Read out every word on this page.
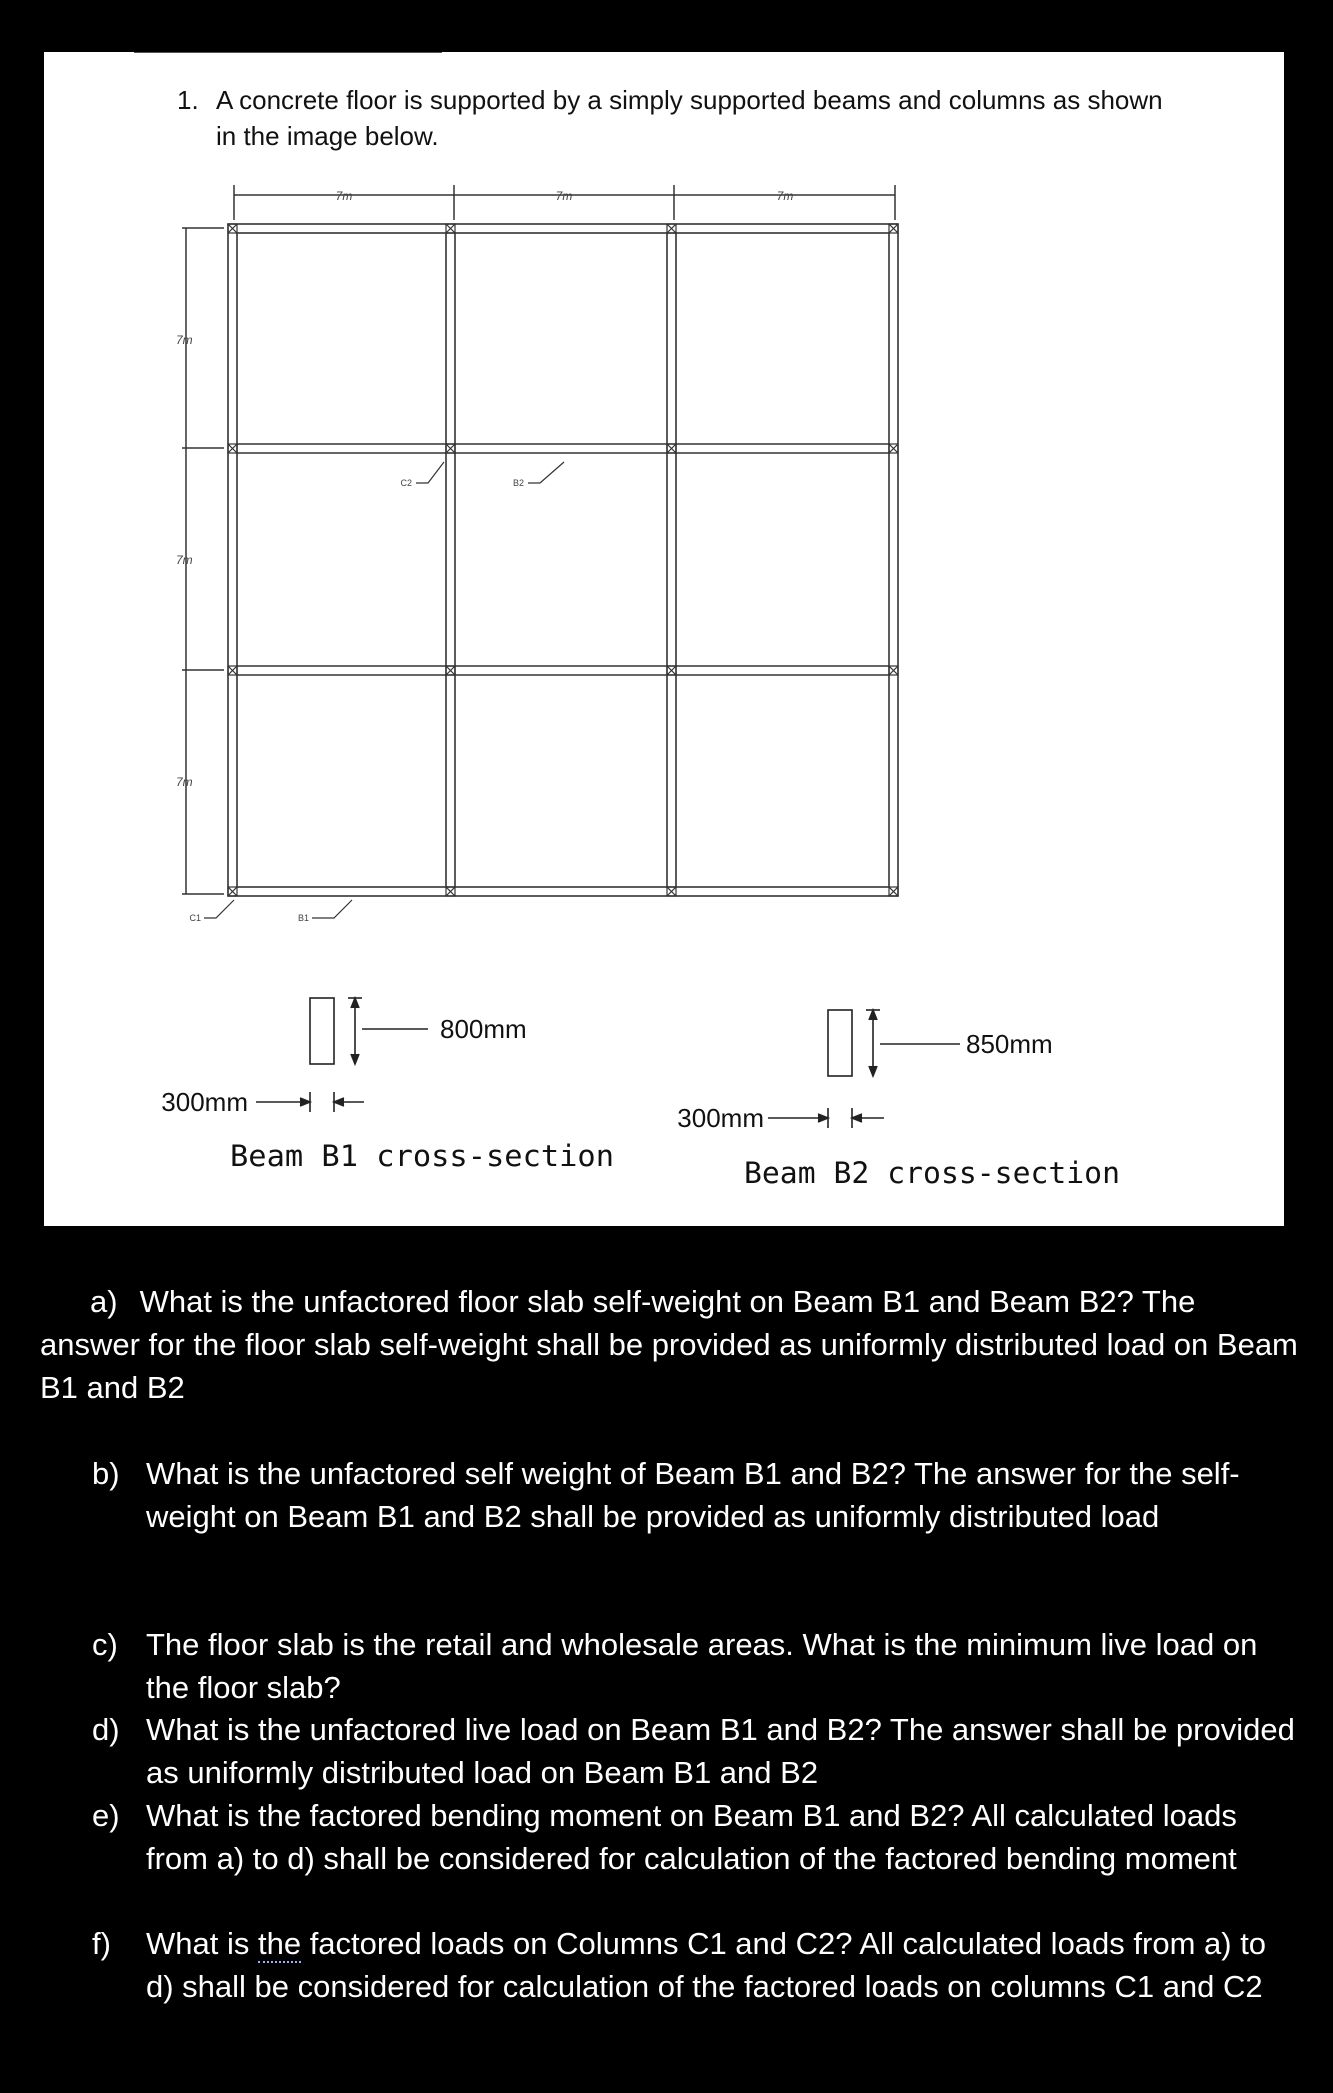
7m	7m	7m
7m
7m
7m
C2	B2
C1	B1
800mm
300mm
Beam B1 cross-section
850mm
300mm
Beam B2 cross-section
1. A concrete floor is supported by a simply supported beams and columns as shown in the image below.
a) What is the unfactored floor slab self-weight on Beam B1 and Beam B2? The answer for the floor slab self-weight shall be provided as uniformly distributed load on Beam B1 and B2
b) What is the unfactored self weight of Beam B1 and B2? The answer for the self-weight on Beam B1 and B2 shall be provided as uniformly distributed load
c) The floor slab is the retail and wholesale areas. What is the minimum live load on the floor slab?
d) What is the unfactored live load on Beam B1 and B2? The answer shall be provided as uniformly distributed load on Beam B1 and B2
e) What is the factored bending moment on Beam B1 and B2? All calculated loads from a) to d) shall be considered for calculation of the factored bending moment
f) What is the factored loads on Columns C1 and C2? All calculated loads from a) to d) shall be considered for calculation of the factored loads on columns C1 and C2
